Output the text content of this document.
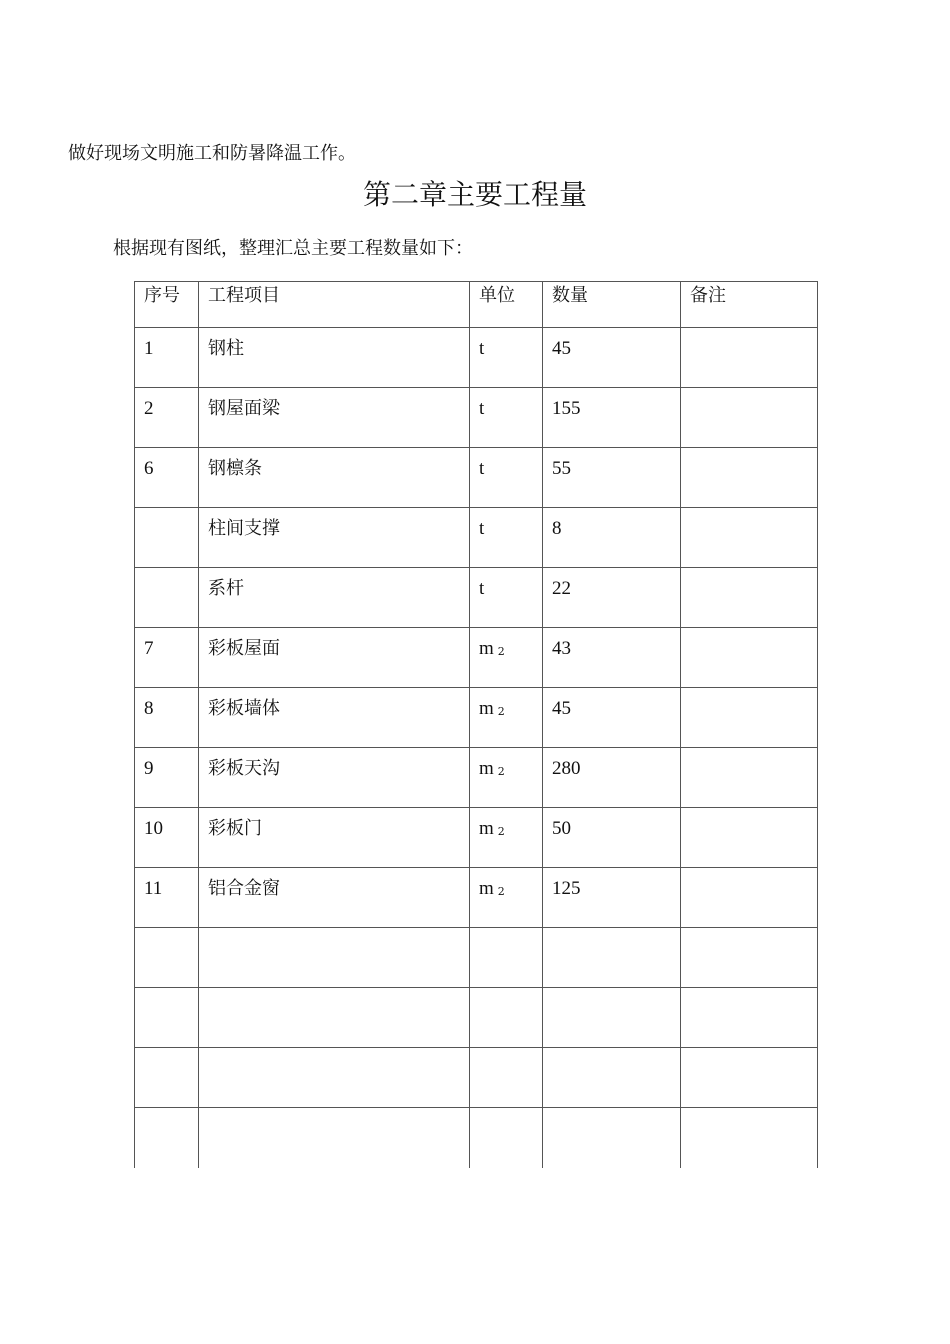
做好现场文明施工和防暑降温工作。
第二章主要工程量
根据现有图纸，整理汇总主要工程数量如下：
序号	工程项目	单位	数量	备注
1	钢柱	t	45	
2	钢屋面梁	t	155	
6	钢檩条	t	55	
	柱间支撑	t	8	
	系杆	t	22	
7	彩板屋面	m 2	43	
8	彩板墙体	m 2	45	
9	彩板天沟	m 2	280	
10	彩板门	m 2	50	
11	铝合金窗	m 2	125	
